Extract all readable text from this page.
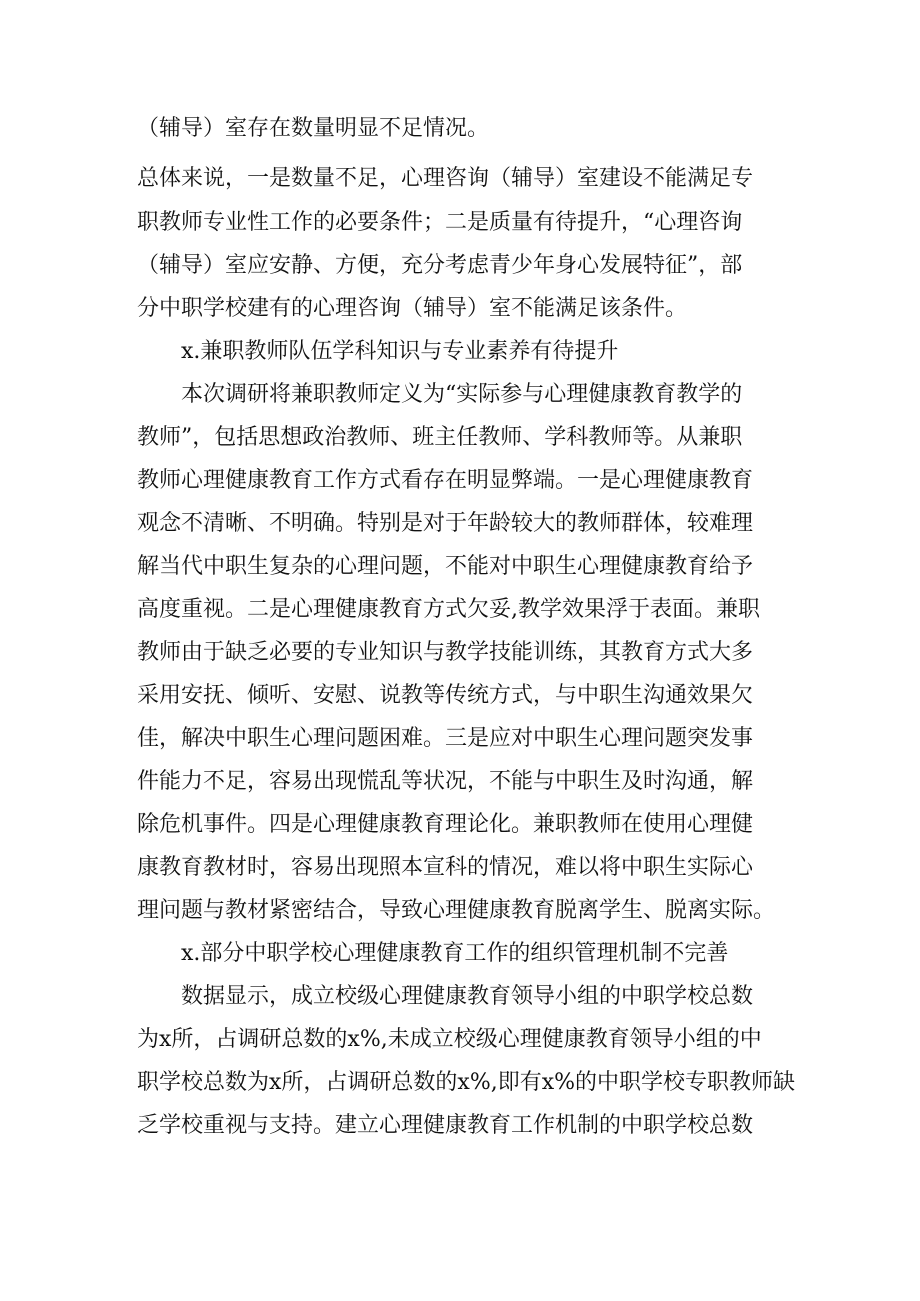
（辅导）室存在数量明显不足情况。
总体来说，一是数量不足，心理咨询（辅导）室建设不能满足专
职教师专业性工作的必要条件；二是质量有待提升，“心理咨询
（辅导）室应安静、方便，充分考虑青少年身心发展特征”，部
分中职学校建有的心理咨询（辅导）室不能满足该条件。
x.兼职教师队伍学科知识与专业素养有待提升
本次调研将兼职教师定义为“实际参与心理健康教育教学的
教师”，包括思想政治教师、班主任教师、学科教师等。从兼职
教师心理健康教育工作方式看存在明显弊端。一是心理健康教育
观念不清晰、不明确。特别是对于年龄较大的教师群体，较难理
解当代中职生复杂的心理问题，不能对中职生心理健康教育给予
高度重视。二是心理健康教育方式欠妥,教学效果浮于表面。兼职
教师由于缺乏必要的专业知识与教学技能训练，其教育方式大多
采用安抚、倾听、安慰、说教等传统方式，与中职生沟通效果欠
佳，解决中职生心理问题困难。三是应对中职生心理问题突发事
件能力不足，容易出现慌乱等状况，不能与中职生及时沟通，解
除危机事件。四是心理健康教育理论化。兼职教师在使用心理健
康教育教材时，容易出现照本宣科的情况，难以将中职生实际心
理问题与教材紧密结合，导致心理健康教育脱离学生、脱离实际。
x.部分中职学校心理健康教育工作的组织管理机制不完善
数据显示，成立校级心理健康教育领导小组的中职学校总数
为x所，占调研总数的x%,未成立校级心理健康教育领导小组的中
职学校总数为x所，占调研总数的x%,即有x%的中职学校专职教师缺
乏学校重视与支持。建立心理健康教育工作机制的中职学校总数
